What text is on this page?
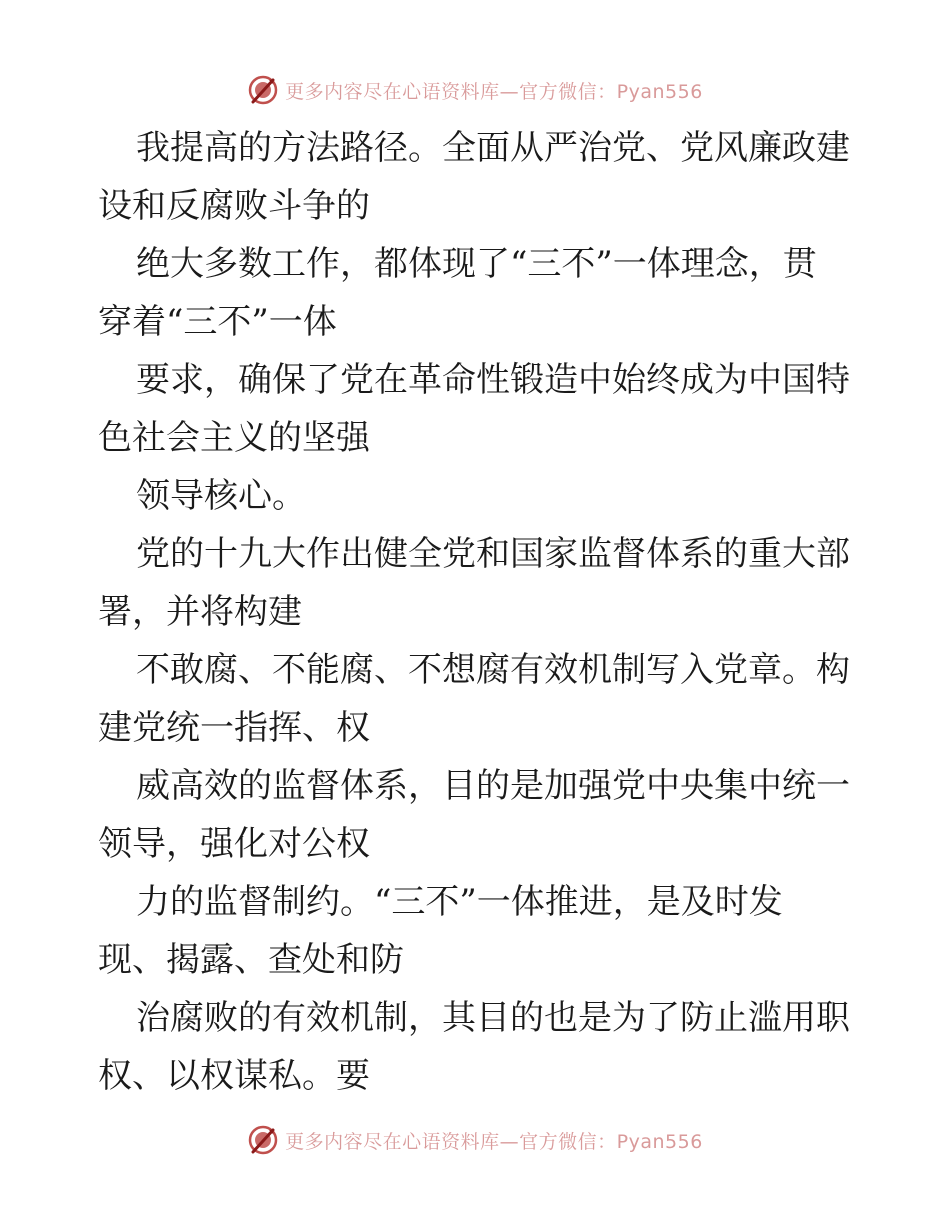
更多内容尽在心语资料库—官方微信：Pyan556

我提高的方法路径。全面从严治党、党风廉政建
设和反腐败斗争的

绝大多数工作，都体现了“三不”一体理念，贯
穿着“三不”一体

要求，确保了党在革命性锻造中始终成为中国特
色社会主义的坚强

领导核心。

党的十九大作出健全党和国家监督体系的重大部
署，并将构建

不敢腐、不能腐、不想腐有效机制写入党章。构
建党统一指挥、权

威高效的监督体系，目的是加强党中央集中统一
领导，强化对公权

力的监督制约。“三不”一体推进，是及时发
现、揭露、查处和防

治腐败的有效机制，其目的也是为了防止滥用职
权、以权谋私。要

更多内容尽在心语资料库—官方微信：Pyan556
